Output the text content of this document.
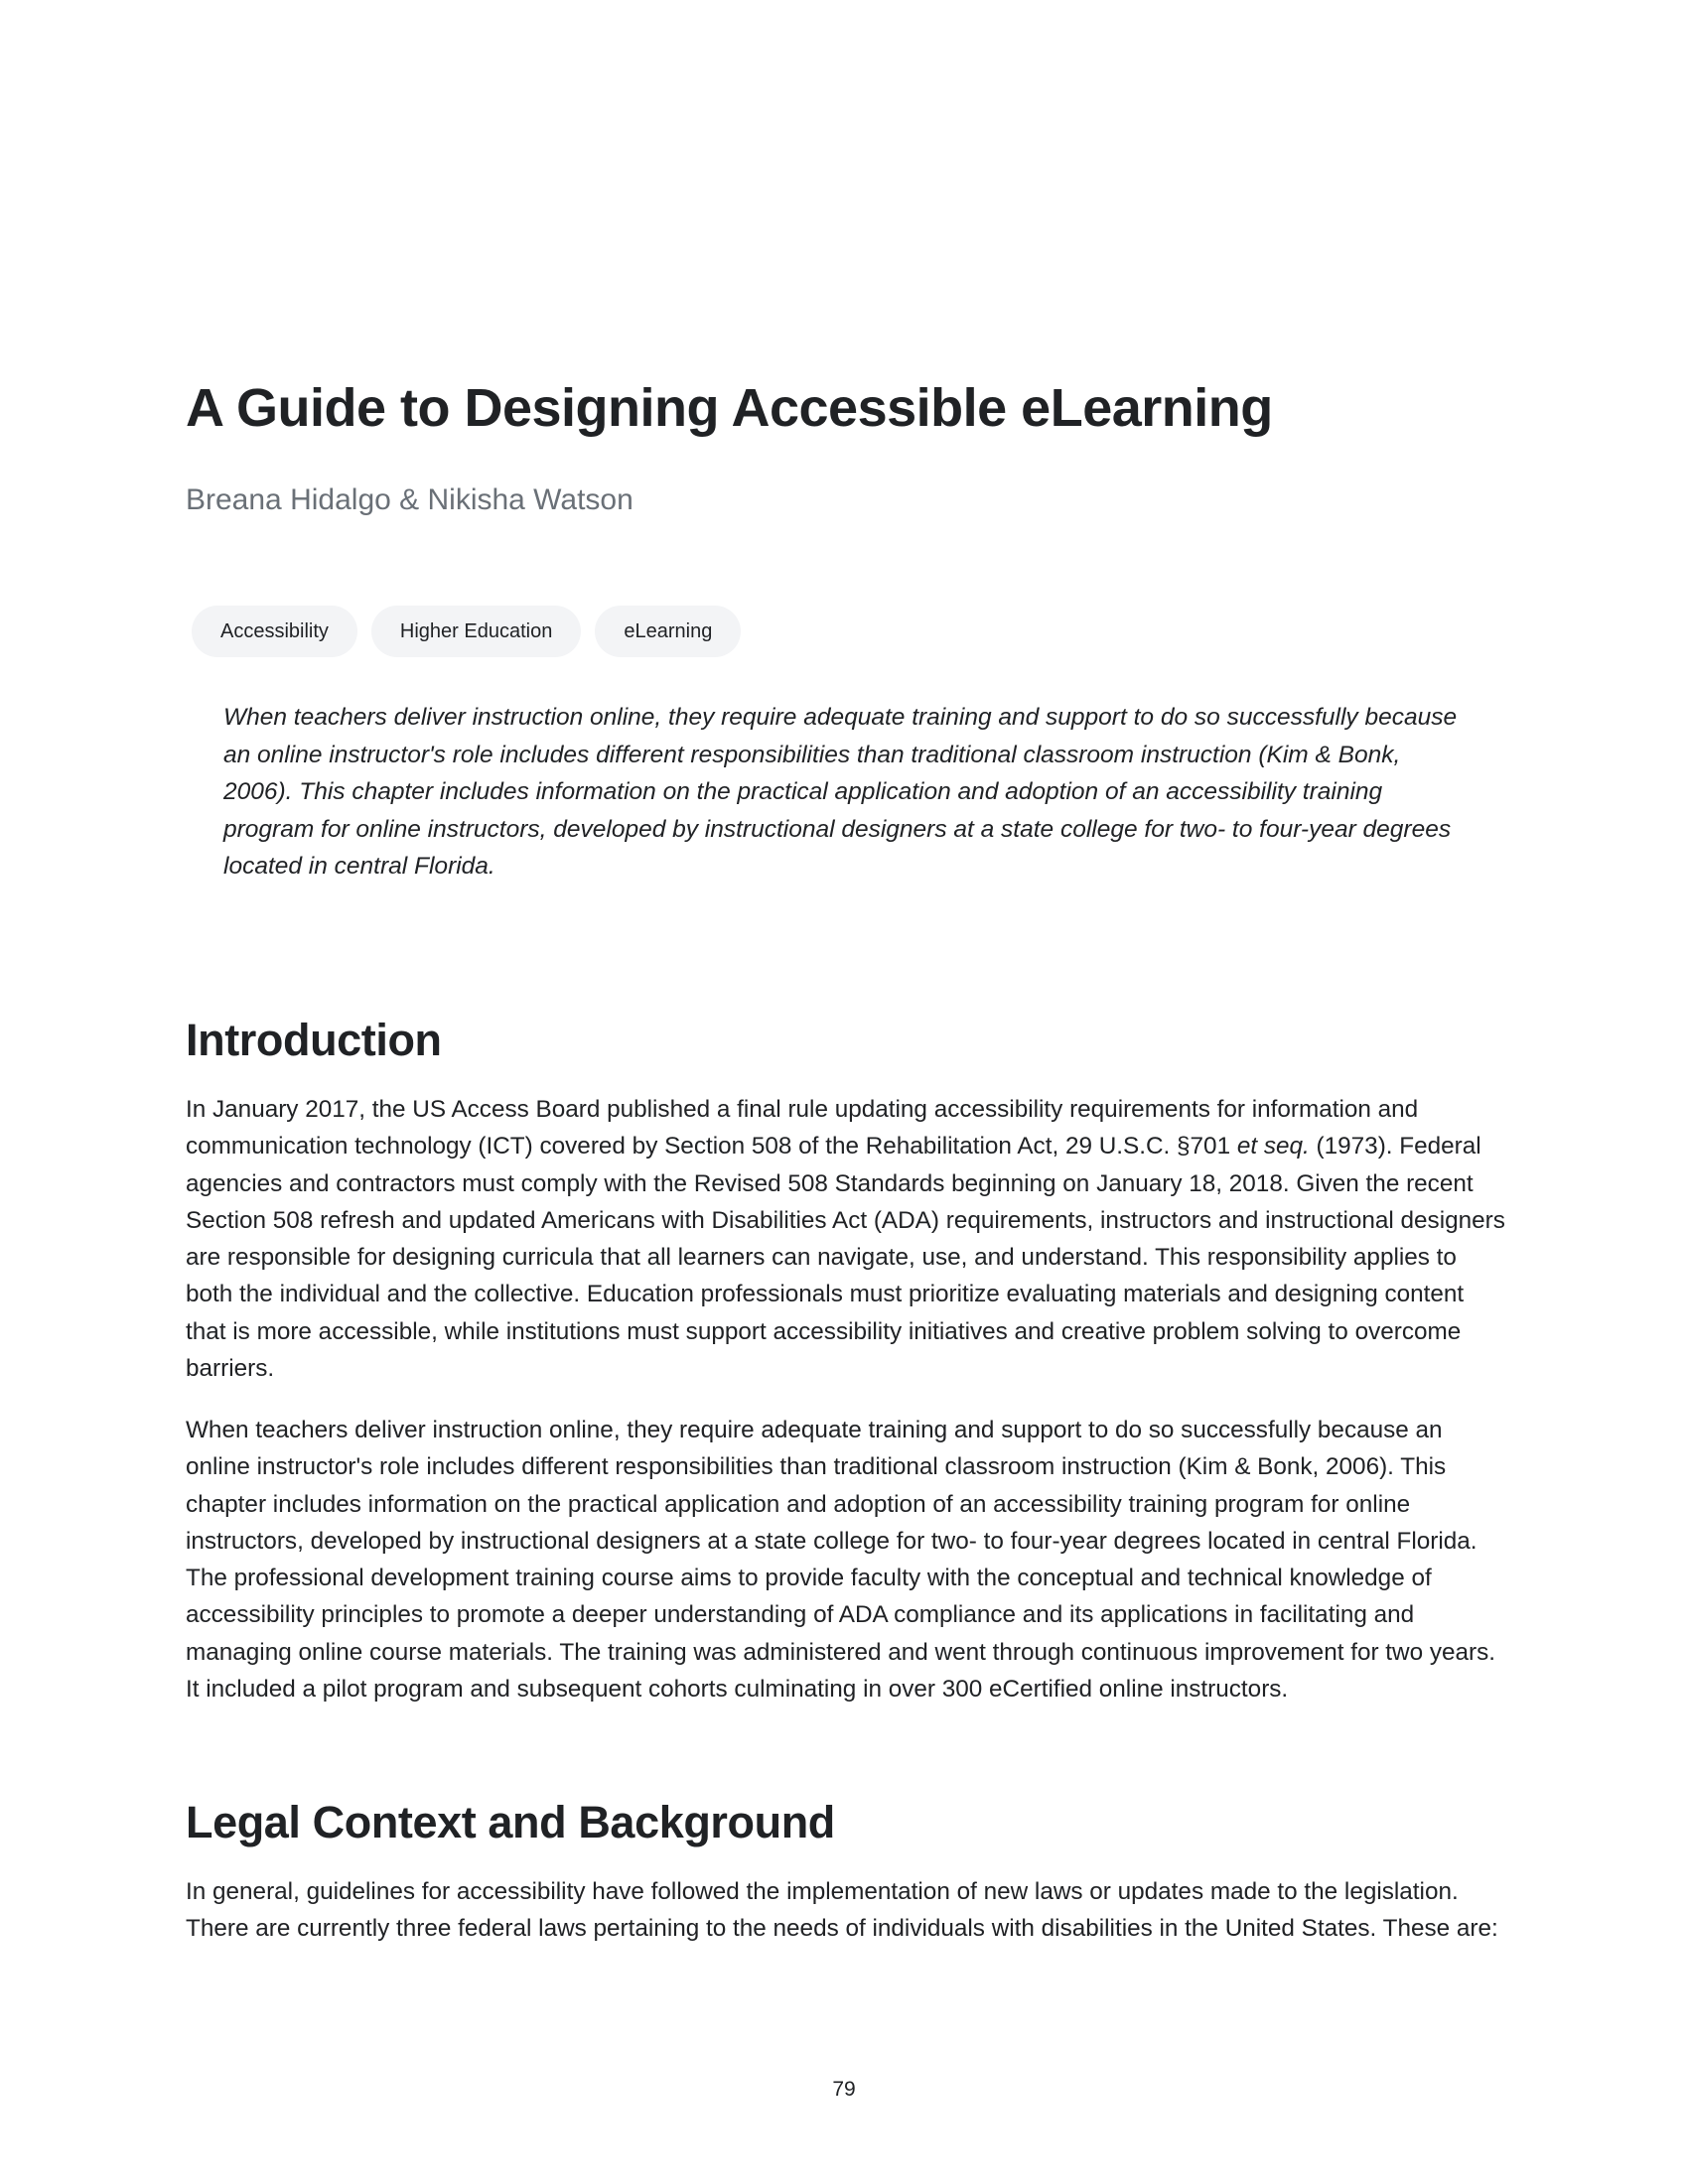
A Guide to Designing Accessible eLearning

Breana Hidalgo & Nikisha Watson

Accessibility	Higher Education	eLearning

When teachers deliver instruction online, they require adequate training and support to do so successfully because an online instructor's role includes different responsibilities than traditional classroom instruction (Kim & Bonk, 2006). This chapter includes information on the practical application and adoption of an accessibility training program for online instructors, developed by instructional designers at a state college for two- to four-year degrees located in central Florida.

Introduction

In January 2017, the US Access Board published a final rule updating accessibility requirements for information and communication technology (ICT) covered by Section 508 of the Rehabilitation Act, 29 U.S.C. §701 et seq. (1973). Federal agencies and contractors must comply with the Revised 508 Standards beginning on January 18, 2018. Given the recent Section 508 refresh and updated Americans with Disabilities Act (ADA) requirements, instructors and instructional designers are responsible for designing curricula that all learners can navigate, use, and understand. This responsibility applies to both the individual and the collective. Education professionals must prioritize evaluating materials and designing content that is more accessible, while institutions must support accessibility initiatives and creative problem solving to overcome barriers.

When teachers deliver instruction online, they require adequate training and support to do so successfully because an online instructor's role includes different responsibilities than traditional classroom instruction (Kim & Bonk, 2006). This chapter includes information on the practical application and adoption of an accessibility training program for online instructors, developed by instructional designers at a state college for two- to four-year degrees located in central Florida. The professional development training course aims to provide faculty with the conceptual and technical knowledge of accessibility principles to promote a deeper understanding of ADA compliance and its applications in facilitating and managing online course materials. The training was administered and went through continuous improvement for two years. It included a pilot program and subsequent cohorts culminating in over 300 eCertified online instructors.

Legal Context and Background

In general, guidelines for accessibility have followed the implementation of new laws or updates made to the legislation. There are currently three federal laws pertaining to the needs of individuals with disabilities in the United States. These are:

79
